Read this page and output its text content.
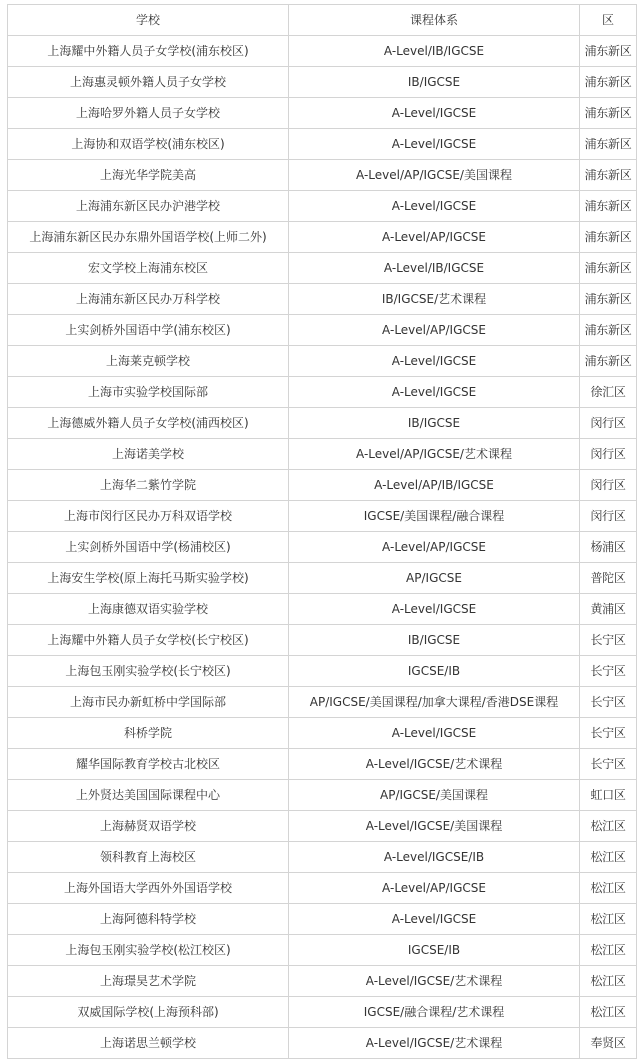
学校	课程体系	区
上海耀中外籍人员子女学校(浦东校区)	A-Level/IB/IGCSE	浦东新区
上海惠灵顿外籍人员子女学校	IB/IGCSE	浦东新区
上海哈罗外籍人员子女学校	A-Level/IGCSE	浦东新区
上海协和双语学校(浦东校区)	A-Level/IGCSE	浦东新区
上海光华学院美高	A-Level/AP/IGCSE/美国课程	浦东新区
上海浦东新区民办沪港学校	A-Level/IGCSE	浦东新区
上海浦东新区民办东鼎外国语学校(上师二外)	A-Level/AP/IGCSE	浦东新区
宏文学校上海浦东校区	A-Level/IB/IGCSE	浦东新区
上海浦东新区民办万科学校	IB/IGCSE/艺术课程	浦东新区
上实剑桥外国语中学(浦东校区)	A-Level/AP/IGCSE	浦东新区
上海莱克顿学校	A-Level/IGCSE	浦东新区
上海市实验学校国际部	A-Level/IGCSE	徐汇区
上海德威外籍人员子女学校(浦西校区)	IB/IGCSE	闵行区
上海诺美学校	A-Level/AP/IGCSE/艺术课程	闵行区
上海华二紫竹学院	A-Level/AP/IB/IGCSE	闵行区
上海市闵行区民办万科双语学校	IGCSE/美国课程/融合课程	闵行区
上实剑桥外国语中学(杨浦校区)	A-Level/AP/IGCSE	杨浦区
上海安生学校(原上海托马斯实验学校)	AP/IGCSE	普陀区
上海康德双语实验学校	A-Level/IGCSE	黄浦区
上海耀中外籍人员子女学校(长宁校区)	IB/IGCSE	长宁区
上海包玉刚实验学校(长宁校区)	IGCSE/IB	长宁区
上海市民办新虹桥中学国际部	AP/IGCSE/美国课程/加拿大课程/香港DSE课程	长宁区
科桥学院	A-Level/IGCSE	长宁区
耀华国际教育学校古北校区	A-Level/IGCSE/艺术课程	长宁区
上外贤达美国国际课程中心	AP/IGCSE/美国课程	虹口区
上海赫贤双语学校	A-Level/IGCSE/美国课程	松江区
领科教育上海校区	A-Level/IGCSE/IB	松江区
上海外国语大学西外外国语学校	A-Level/AP/IGCSE	松江区
上海阿德科特学校	A-Level/IGCSE	松江区
上海包玉刚实验学校(松江校区)	IGCSE/IB	松江区
上海璟昊艺术学院	A-Level/IGCSE/艺术课程	松江区
双威国际学校(上海预科部)	IGCSE/融合课程/艺术课程	松江区
上海诺思兰顿学校	A-Level/IGCSE/艺术课程	奉贤区
